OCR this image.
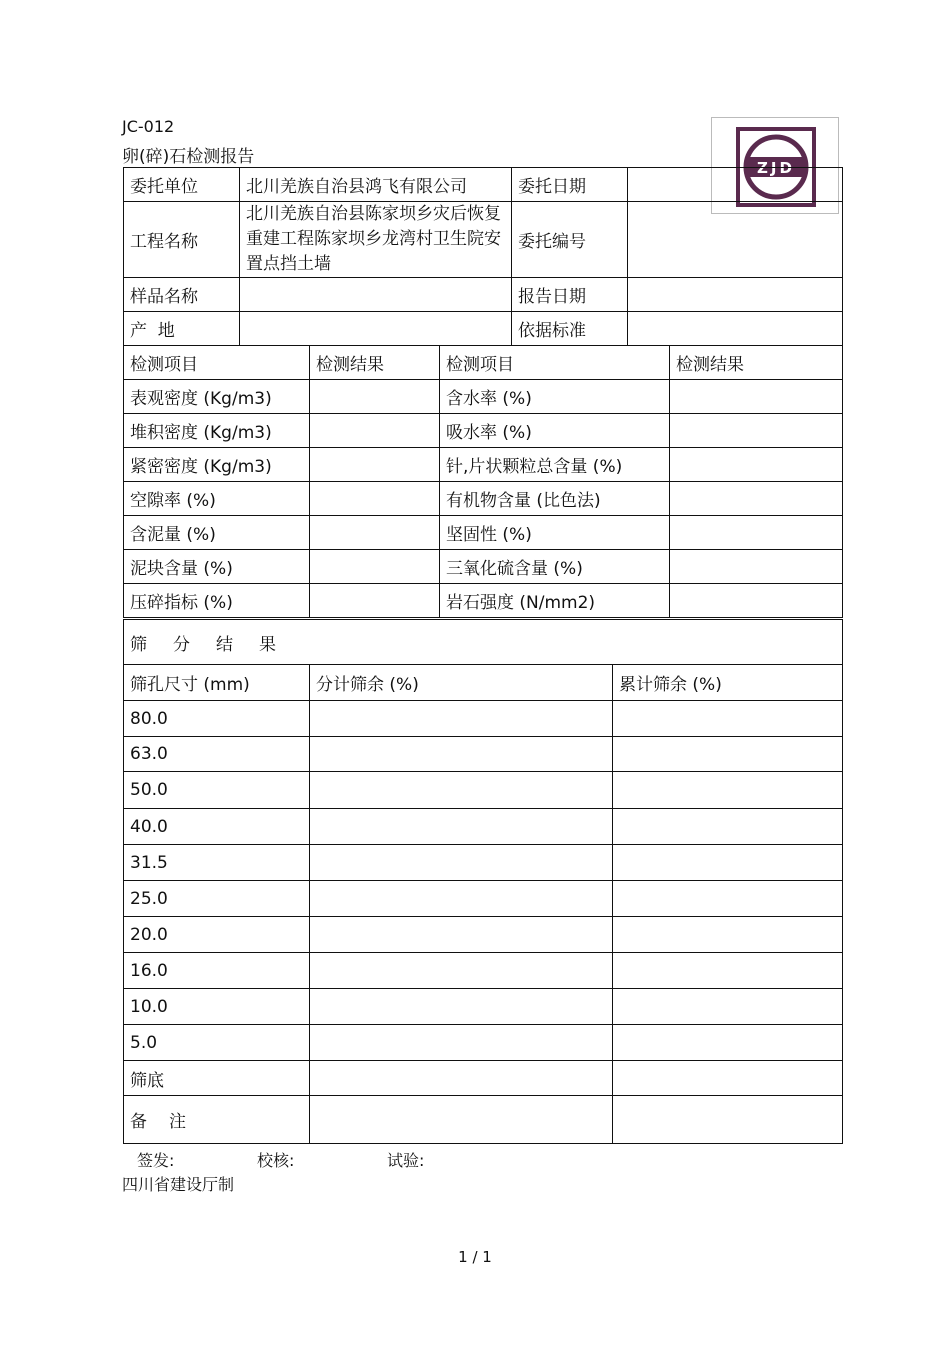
JC-012
卵(碎)石检测报告
ZJD
委托单位	北川羌族自治县鸿飞有限公司	委托日期	
工程名称	北川羌族自治县陈家坝乡灾后恢复重建工程陈家坝乡龙湾村卫生院安置点挡土墙	委托编号	
样品名称		报告日期	
产  地		依据标准	
检测项目	检测结果	检测项目	检测结果
表观密度 (Kg/m3)		含水率 (%)	
堆积密度 (Kg/m3)		吸水率 (%)	
紧密密度 (Kg/m3)		针,片状颗粒总含量 (%)	
空隙率 (%)		有机物含量 (比色法)	
含泥量 (%)		坚固性 (%)	
泥块含量 (%)		三氧化硫含量 (%)	
压碎指标 (%)		岩石强度 (N/mm2)	
筛分结果
筛孔尺寸 (mm)	分计筛余 (%)	累计筛余 (%)
80.0		
63.0		
50.0		
40.0		
31.5		
25.0		
20.0		
16.0		
10.0		
5.0		
筛底		
备注		
签发:	校核:	试验:
四川省建设厅制
1 / 1
